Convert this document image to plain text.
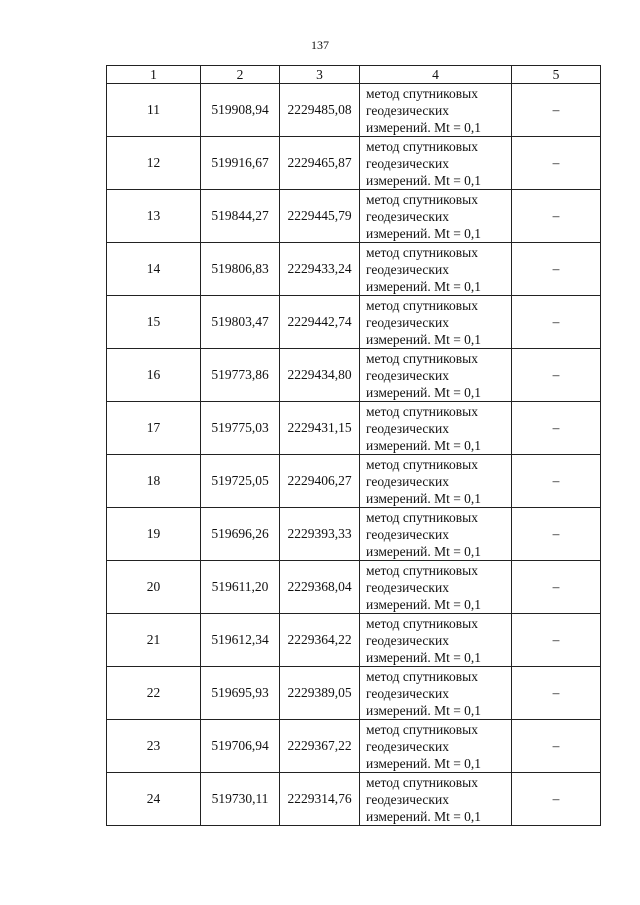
137
1	2	3	4	5
11	519908,94	2229485,08	метод спутниковых
геодезических
измерений. Mt = 0,1	–
12	519916,67	2229465,87	метод спутниковых
геодезических
измерений. Mt = 0,1	–
13	519844,27	2229445,79	метод спутниковых
геодезических
измерений. Mt = 0,1	–
14	519806,83	2229433,24	метод спутниковых
геодезических
измерений. Mt = 0,1	–
15	519803,47	2229442,74	метод спутниковых
геодезических
измерений. Mt = 0,1	–
16	519773,86	2229434,80	метод спутниковых
геодезических
измерений. Mt = 0,1	–
17	519775,03	2229431,15	метод спутниковых
геодезических
измерений. Mt = 0,1	–
18	519725,05	2229406,27	метод спутниковых
геодезических
измерений. Mt = 0,1	–
19	519696,26	2229393,33	метод спутниковых
геодезических
измерений. Mt = 0,1	–
20	519611,20	2229368,04	метод спутниковых
геодезических
измерений. Mt = 0,1	–
21	519612,34	2229364,22	метод спутниковых
геодезических
измерений. Mt = 0,1	–
22	519695,93	2229389,05	метод спутниковых
геодезических
измерений. Mt = 0,1	–
23	519706,94	2229367,22	метод спутниковых
геодезических
измерений. Mt = 0,1	–
24	519730,11	2229314,76	метод спутниковых
геодезических
измерений. Mt = 0,1	–
